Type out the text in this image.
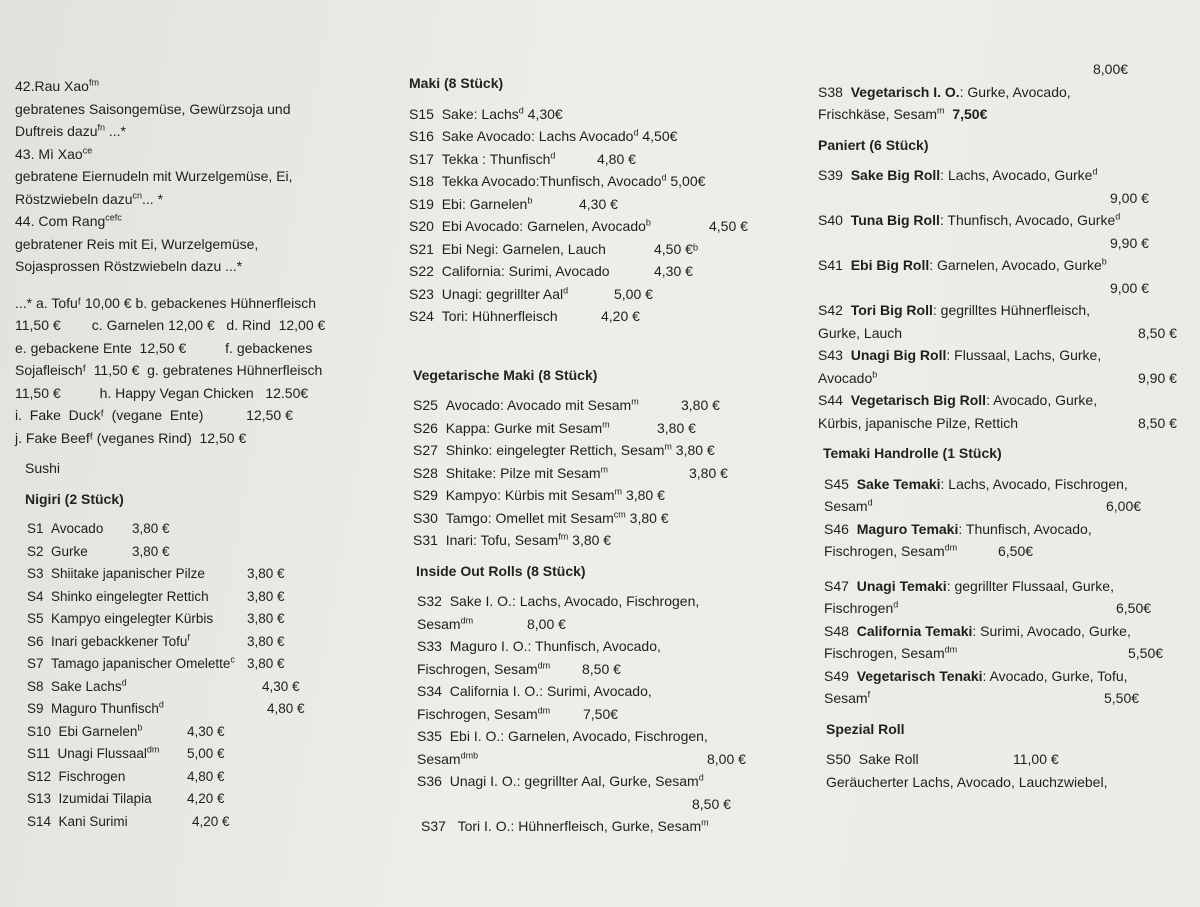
42.Rau Xao$^{fm}$
gebratenes Saisongemüse, Gewürzsoja und
Duftreis dazu$^{fn}$ ...*
43. Mì Xao$^{ce}$
gebratene Eiernudeln mit Wurzelgemüse, Ei,
Röstzwiebeln dazu$^{cn}$... *
44. Com Rang$^{cefc}$
gebratener Reis mit Ei, Wurzelgemüse,
Sojasprossen Röstzwiebeln dazu ...*
...* a. Tofuᶠ 10,00 € b. gebackenes Hühnerfleisch
11,50 €        c. Garnelen 12,00 €   d. Rind  12,00 €
e. gebackene Ente  12,50 €          f. gebackenes
Sojafleischᶠ  11,50 €  g. gebratenes Hühnerfleisch
11,50 €          h. Happy Vegan Chicken   12.50€
i.  Fake  Duckᶠ  (vegane  Ente)           12,50 €
j. Fake Beefᶠ (veganes Rind)  12,50 €
Sushi
Nigiri (2 Stück)
S1 Avocado 3,80 €
S2 Gurke	3,80 €
S3 Shiitake japanischer Pilze	3,80 €
S4 Shinko eingelegter Rettich	3,80 €
S5 Kampyo eingelegter Kürbis	3,80 €
S6 Inari gebackkener Tofu$^f$	3,80 €
S7 Tamago japanischer Omelette$^c$ 3,80 €
S8 Sake Lachs$^d$	4,30 €
S9 Maguro Thunfisch$^d$	4,80 €
S10 Ebi Garnelen$^b$	4,30 €
S11 Unagi Flussaal$^{dm}$ 5,00 €
S12 Fischrogen	4,80 €
S13 Izumidai Tilapia	4,20 €
S14 Kani Surimi	4,20 €
Maki (8 Stück)
S15 Sake: Lachs$^d$ 4,30€
S16 Sake Avocado: Lachs Avocado$^d$ 4,50€
S17 Tekka : Thunfisch$^d$	4,80 €
S18 Tekka Avocado:Thunfisch, Avocado$^d$ 5,00€
S19 Ebi: Garnelen$^b$	4,30 €
S20 Ebi Avocado: Garnelen, Avocado$^b$	4,50 €
S21 Ebi Negi: Garnelen, Lauch	4,50 €ᵇ
S22 California: Surimi, Avocado	4,30 €
S23 Unagi: gegrillter Aal$^d$	5,00 €
S24 Tori: Hühnerfleisch	4,20 €
Vegetarische Maki (8 Stück)
S25 Avocado: Avocado mit Sesam$^m$	3,80 €
S26 Kappa: Gurke mit Sesam$^m$	3,80 €
S27 Shinko: eingelegter Rettich, Sesam$^m$ 3,80 €
S28 Shitake: Pilze mit Sesam$^m$	3,80 €
S29 Kampyo: Kürbis mit Sesam$^m$ 3,80 €
S30 Tamgo: Omellet mit Sesam$^{cm}$ 3,80 €
S31 Inari: Tofu, Sesam$^{fm}$ 3,80 €
Inside Out Rolls (8 Stück)
S32 Sake I. O.: Lachs, Avocado, Fischrogen,
Sesam$^{dm}$	8,00 €
S33 Maguro I. O.: Thunfisch, Avocado,
Fischrogen, Sesam$^{dm}$ 8,50 €
S34 California I. O.: Surimi, Avocado,
Fischrogen, Sesam$^{dm}$ 7,50€
S35 Ebi I. O.: Garnelen, Avocado, Fischrogen,
Sesam$^{dmb}$	8,00 €
S36 Unagi I. O.: gegrillter Aal, Gurke, Sesam$^d$
8,50 €
S37 Tori I. O.: Hühnerfleisch, Gurke, Sesam$^m$
8,00€
S38 Vegetarisch I. O.: Gurke, Avocado,
Frischkäse, Sesam$^m$ 7,50€
Paniert (6 Stück)
S39 Sake Big Roll: Lachs, Avocado, Gurke$^d$
9,00 €
S40 Tuna Big Roll: Thunfisch, Avocado, Gurke$^d$
9,90 €
S41 Ebi Big Roll: Garnelen, Avocado, Gurke$^b$
9,00 €
S42 Tori Big Roll: gegrilltes Hühnerfleisch,
Gurke, Lauch	8,50 €
S43 Unagi Big Roll: Flussaal, Lachs, Gurke,
Avocado$^b$	9,90 €
S44 Vegetarisch Big Roll: Avocado, Gurke,
Kürbis, japanische Pilze, Rettich	8,50 €
Temaki Handrolle (1 Stück)
S45 Sake Temaki: Lachs, Avocado, Fischrogen,
Sesam$^d$	6,00€
S46 Maguro Temaki: Thunfisch, Avocado,
Fischrogen, Sesam$^{dm}$	6,50€
S47 Unagi Temaki: gegrillter Flussaal, Gurke,
Fischrogen$^d$	6,50€
S48 California Temaki: Surimi, Avocado, Gurke,
Fischrogen, Sesam$^{dm}$	5,50€
S49 Vegetarisch Tenaki: Avocado, Gurke, Tofu,
Sesam$^f$	5,50€
Spezial Roll
S50 Sake Roll	11,00 €
Geräucherter Lachs, Avocado, Lauchzwiebel,
